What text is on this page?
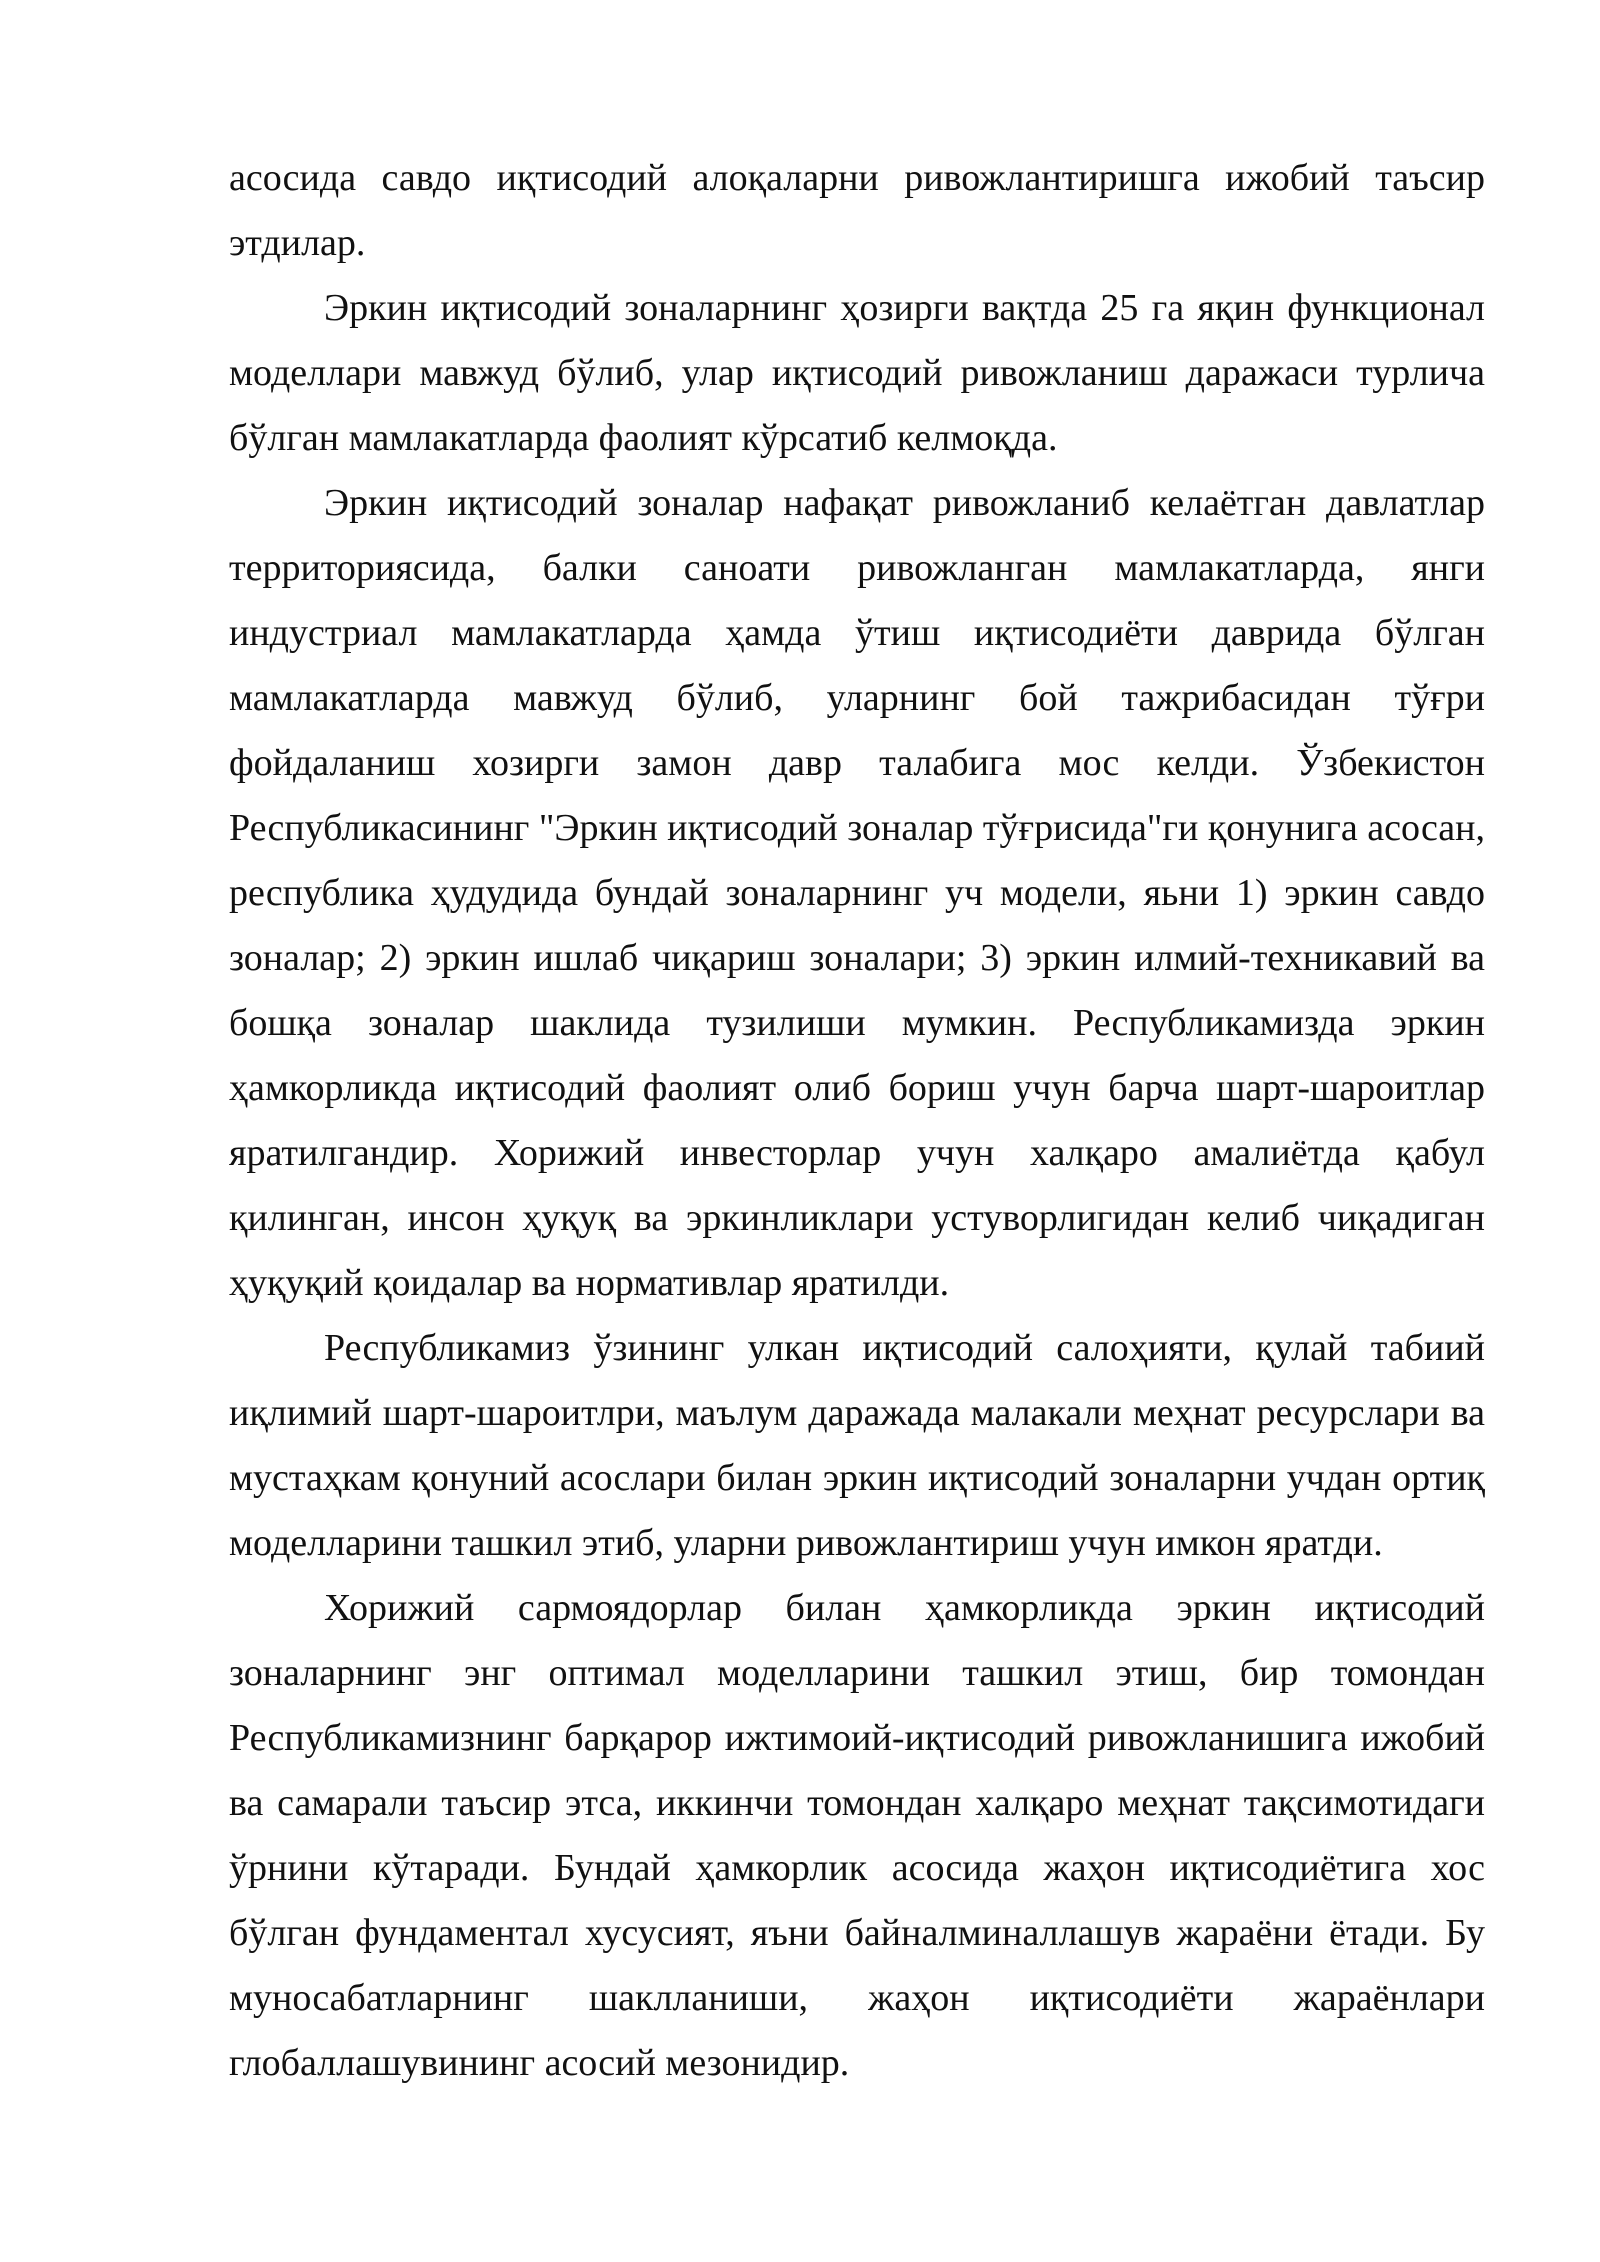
асосида савдо иқтисодий алоқаларни ривожлантиришга ижобий таъсир этдилар.

Эркин иқтисодий зоналарнинг ҳозирги вақтда 25 га яқин функционал моделлари мавжуд бўлиб, улар иқтисодий ривожланиш даражаси турлича бўлган мамлакатларда фаолият кўрсатиб келмоқда.

Эркин иқтисодий зоналар нафақат ривожланиб келаётган давлатлар территориясида, балки саноати ривожланган мамлакатларда, янги индустриал мамлакатларда ҳамда ўтиш иқтисодиёти даврида бўлган мамлакатларда мавжуд бўлиб, уларнинг бой тажрибасидан тўғри фойдаланиш хозирги замон давр талабига мос келди. Ўзбекистон Республикасининг "Эркин иқтисодий зоналар тўғрисида"ги қонунига асосан, республика ҳудудида бундай зоналарнинг уч модели, яьни 1) эркин савдо зоналар; 2) эркин ишлаб чиқариш зоналари; 3) эркин илмий-техникавий ва бошқа зоналар шаклида тузилиши мумкин. Республикамизда эркин ҳамкорликда иқтисодий фаолият олиб бориш учун барча шарт-шароитлар яратилгандир. Хорижий инвесторлар учун халқаро амалиётда қабул қилинган, инсон ҳуқуқ ва эркинликлари устуворлигидан келиб чиқадиган ҳуқуқий қоидалар ва нормативлар яратилди.

Республикамиз ўзининг улкан иқтисодий салоҳияти, қулай табиий иқлимий шарт-шароитлри, маълум даражада малакали меҳнат ресурслари ва мустаҳкам қонуний асослари билан эркин иқтисодий зоналарни учдан ортиқ моделларини ташкил этиб, уларни ривожлантириш учун имкон яратди.

Хорижий сармоядорлар билан ҳамкорликда эркин иқтисодий зоналарнинг энг оптимал моделларини ташкил этиш, бир томондан Республикамизнинг барқарор ижтимоий-иқтисодий ривожланишига ижобий ва самарали таъсир этса, иккинчи томондан халқаро меҳнат тақсимотидаги ўрнини кўтаради. Бундай ҳамкорлик асосида жаҳон иқтисодиётига хос бўлган фундаментал хусусият, яъни байналминаллашув жараёни ётади. Бу муносабатларнинг шаклланиши, жаҳон иқтисодиёти жараёнлари глобаллашувининг асосий мезонидир.
